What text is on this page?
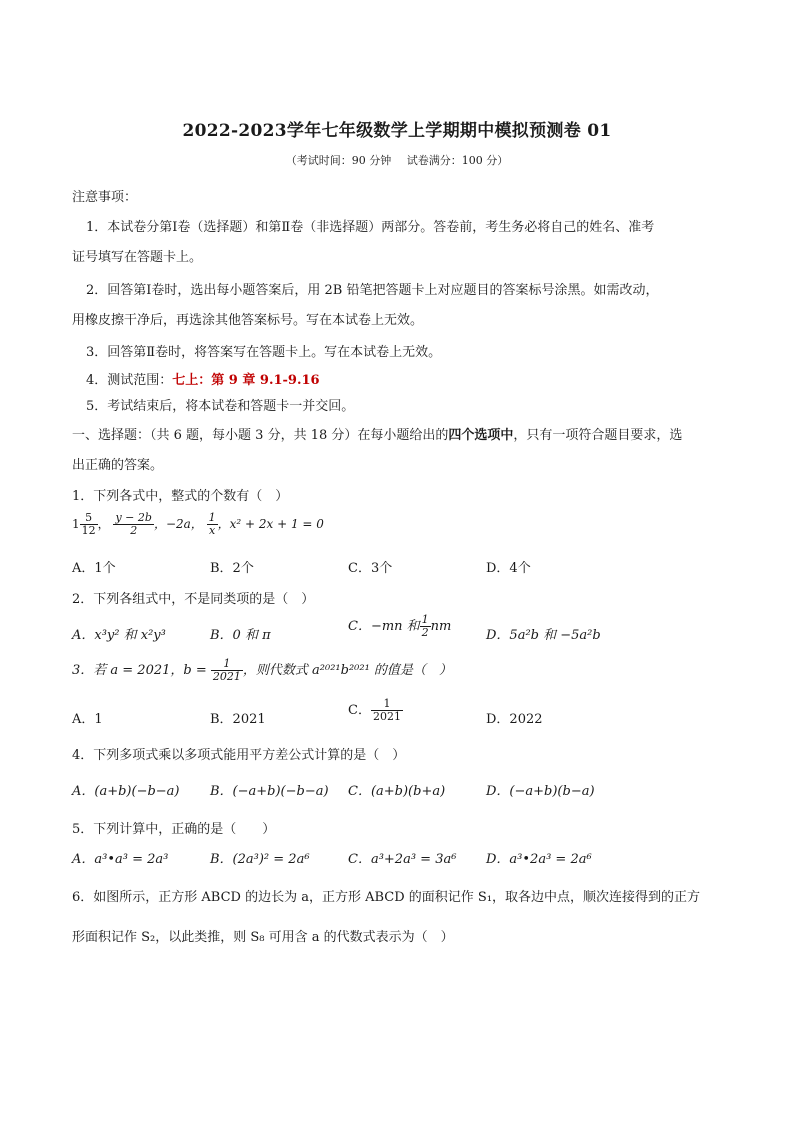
2022-2023学年七年级数学上学期期中模拟预测卷 01
（考试时间：90 分钟 试卷满分：100 分）
注意事项：
1．本试卷分第Ⅰ卷（选择题）和第Ⅱ卷（非选择题）两部分。答卷前，考生务必将自己的姓名、准考
证号填写在答题卡上。
2．回答第Ⅰ卷时，选出每小题答案后，用 2B 铅笔把答题卡上对应题目的答案标号涂黑。如需改动，
用橡皮擦干净后，再选涂其他答案标号。写在本试卷上无效。
3．回答第Ⅱ卷时，将答案写在答题卡上。写在本试卷上无效。
4．测试范围：七上：第 9 章 9.1-9.16
5．考试结束后，将本试卷和答题卡一并交回。
一、选择题：（共 6 题，每小题 3 分，共 18 分）在每小题给出的四个选项中，只有一项符合题目要求，选
出正确的答案。
1．下列各式中，整式的个数有（　）
$1 \frac{5}{12}$ ， $\frac{y - 2b}{2}$ ，−2a， $\frac{1}{x}$ ，x² + 2x + 1 = 0
A．1个	B．2个	C．3个	D．4个
2．下列各组式中，不是同类项的是（　）
A．x³y² 和 x²y³	B．0 和 π
C．−mn 和 $\frac{1}{2}$ nm
D．5a²b 和 −5a²b
3．若 a = 2021，$b = \frac{1}{2021}$ ，则代数式 a²⁰²¹b²⁰²¹ 的值是（　）
A．1	B．2021
C． $\frac{1}{2021}$	D．2022
4．下列多项式乘以多项式能用平方差公式计算的是（　）
A．(a+b)(−b−a) B．(−a+b)(−b−a) C．(a+b)(b+a)	D．(−a+b)(b−a)
5．下列计算中，正确的是（　　）
A．a³•a³ = 2a³	B．(2a³)² = 2a⁶	C．a³+2a³ = 3a⁶ D．a³•2a³ = 2a⁶
6．如图所示，正方形 ABCD 的边长为 a，正方形 ABCD 的面积记作 S₁，取各边中点，顺次连接得到的正方
形面积记作 S₂，以此类推，则 S₈ 可用含 a 的代数式表示为（　）
